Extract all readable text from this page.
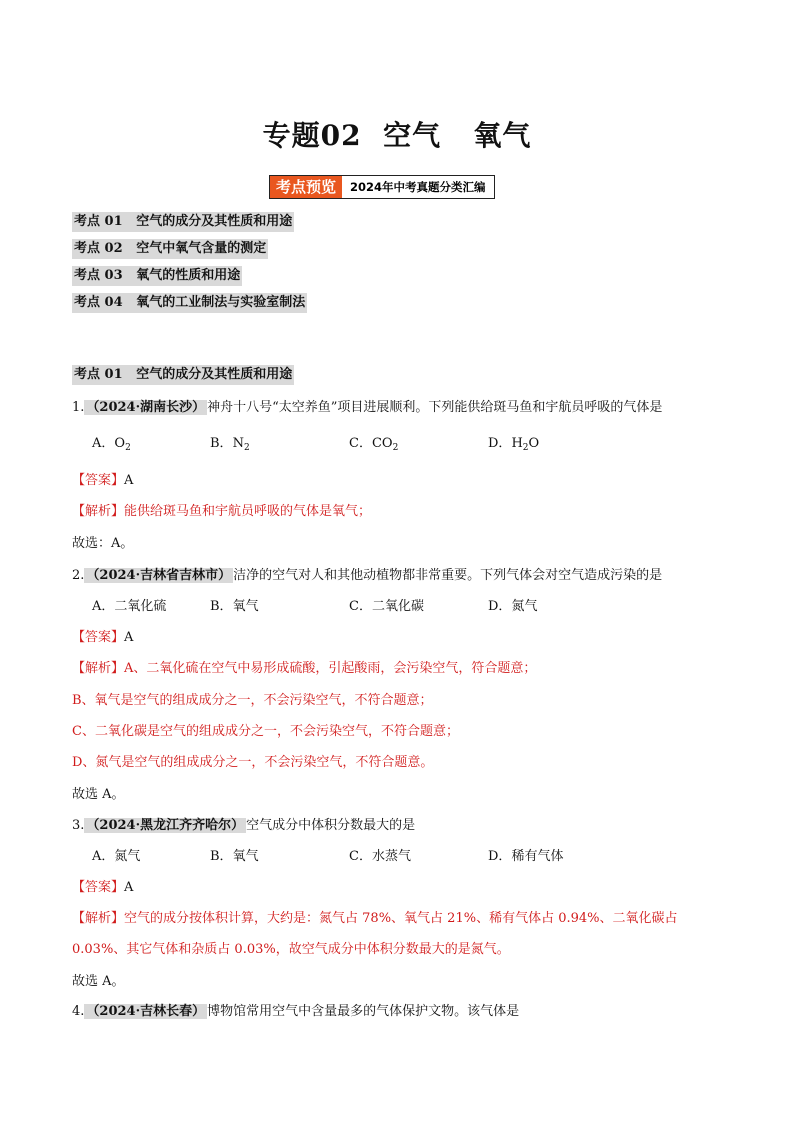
专题02  空气   氧气
考点预览	2024年中考真题分类汇编
考点 01   空气的成分及其性质和用途
考点 02   空气中氧气含量的测定
考点 03   氧气的性质和用途
考点 04   氧气的工业制法与实验室制法
考点 01   空气的成分及其性质和用途
1. （2024·湖南长沙） 神舟十八号“太空养鱼”项目进展顺利。下列能供给斑马鱼和宇航员呼吸的气体是
A．$O_2$	B．$N_2$	C．$CO_2$	D．$H_2O$
【答案】A
【解析】能供给斑马鱼和宇航员呼吸的气体是氧气；
故选：A。
2. （2024·吉林省吉林市） 洁净的空气对人和其他动植物都非常重要。下列气体会对空气造成污染的是
A．二氧化硫	B．氧气	C．二氧化碳	D．氮气
【答案】A
【解析】A、二氧化硫在空气中易形成硫酸，引起酸雨，会污染空气，符合题意；
B、氧气是空气的组成成分之一，不会污染空气，不符合题意；
C、二氧化碳是空气的组成成分之一，不会污染空气，不符合题意；
D、氮气是空气的组成成分之一，不会污染空气，不符合题意。
故选 A。
3. （2024·黑龙江齐齐哈尔） 空气成分中体积分数最大的是
A．氮气	B．氧气	C．水蒸气	D．稀有气体
【答案】A
【解析】空气的成分按体积计算，大约是：氮气占 78%、氧气占 21%、稀有气体占 0.94%、二氧化碳占
0.03%、其它气体和杂质占 0.03%，故空气成分中体积分数最大的是氮气。
故选 A。
4. （2024·吉林长春） 博物馆常用空气中含量最多的气体保护文物。该气体是
